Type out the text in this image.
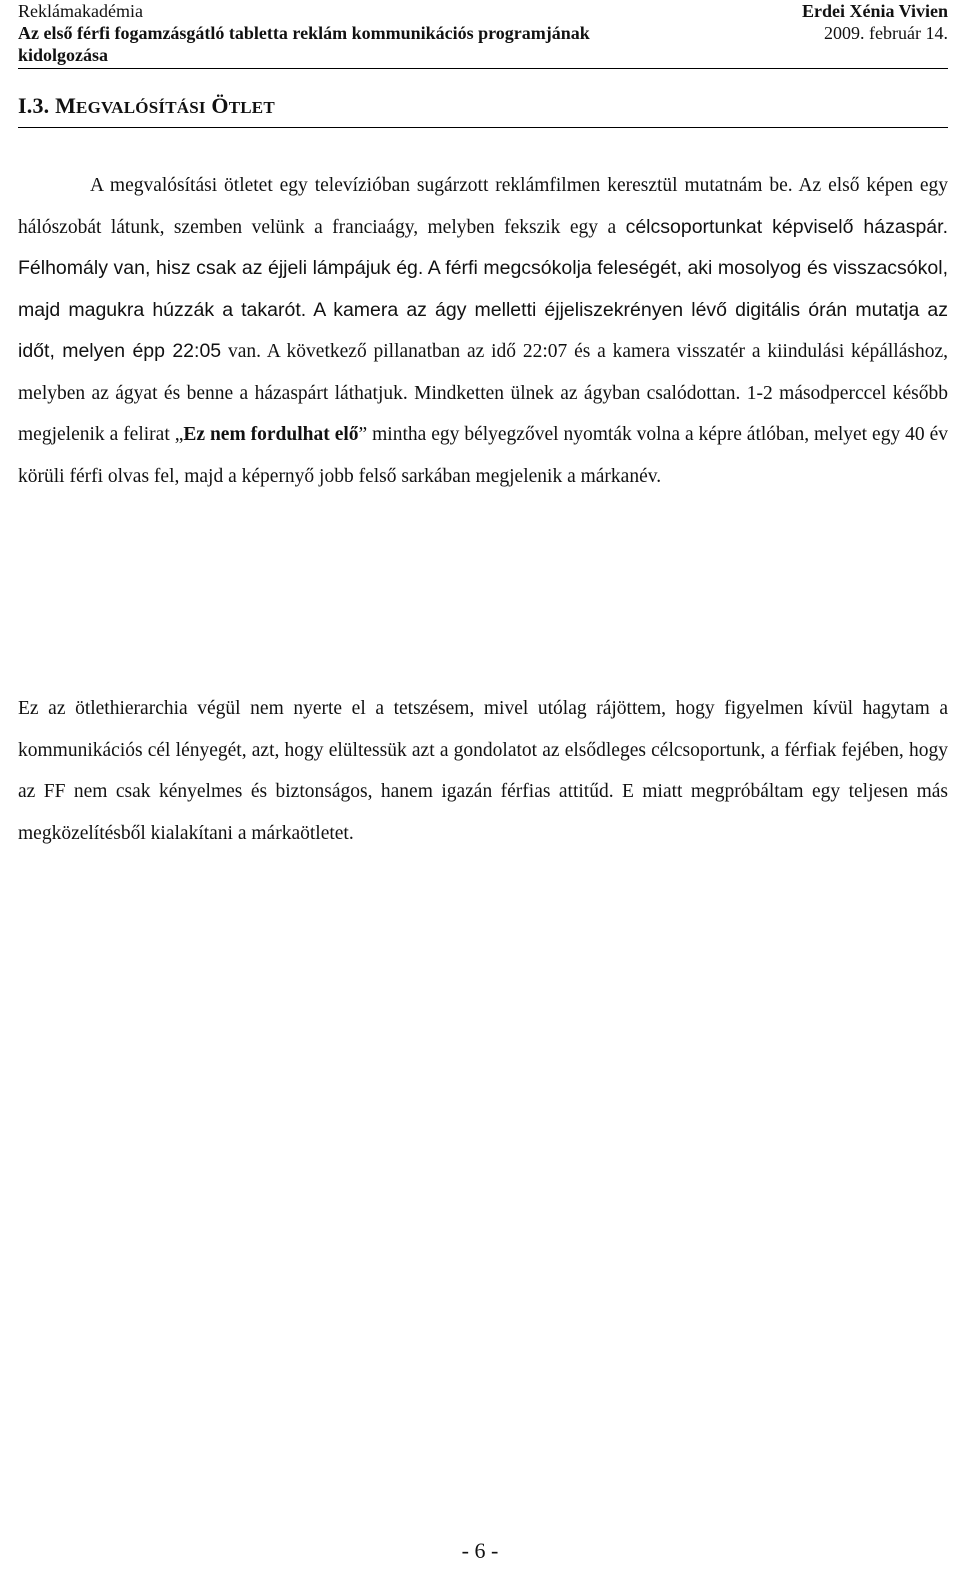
Reklámakadémia	Erdei Xénia Vivien
Az első férfi fogamzásgátló tabletta reklám kommunikációs programjának	2009. február 14.
kidolgozása
I.3. MEGVALÓSÍTÁSI ÖTLET

A megvalósítási ötletet egy televízióban sugárzott reklámfilmen keresztül mutatnám be. Az első képen egy hálószobát látunk, szemben velünk a franciaágy, melyben fekszik egy a célcsoportunkat képviselő házaspár. Félhomály van, hisz csak az éjjeli lámpájuk ég. A férfi megcsókolja feleségét, aki mosolyog és visszacsókol, majd magukra húzzák a takarót. A kamera az ágy melletti éjjeliszekrényen lévő digitális órán mutatja az időt, melyen épp 22:05 van. A következő pillanatban az idő 22:07 és a kamera visszatér a kiindulási képálláshoz, melyben az ágyat és benne a házaspárt láthatjuk. Mindketten ülnek az ágyban csalódottan. 1-2 másodperccel később megjelenik a felirat „Ez nem fordulhat elő” mintha egy bélyegzővel nyomták volna a képre átlóban, melyet egy 40 év körüli férfi olvas fel, majd a képernyő jobb felső sarkában megjelenik a márkanév.

Ez az ötlethierarchia végül nem nyerte el a tetszésem, mivel utólag rájöttem, hogy figyelmen kívül hagytam a kommunikációs cél lényegét, azt, hogy elültessük azt a gondolatot az elsődleges célcsoportunk, a férfiak fejében, hogy az FF nem csak kényelmes és biztonságos, hanem igazán férfias attitűd. E miatt megpróbáltam egy teljesen más megközelítésből kialakítani a márkaötletet.

- 6 -
